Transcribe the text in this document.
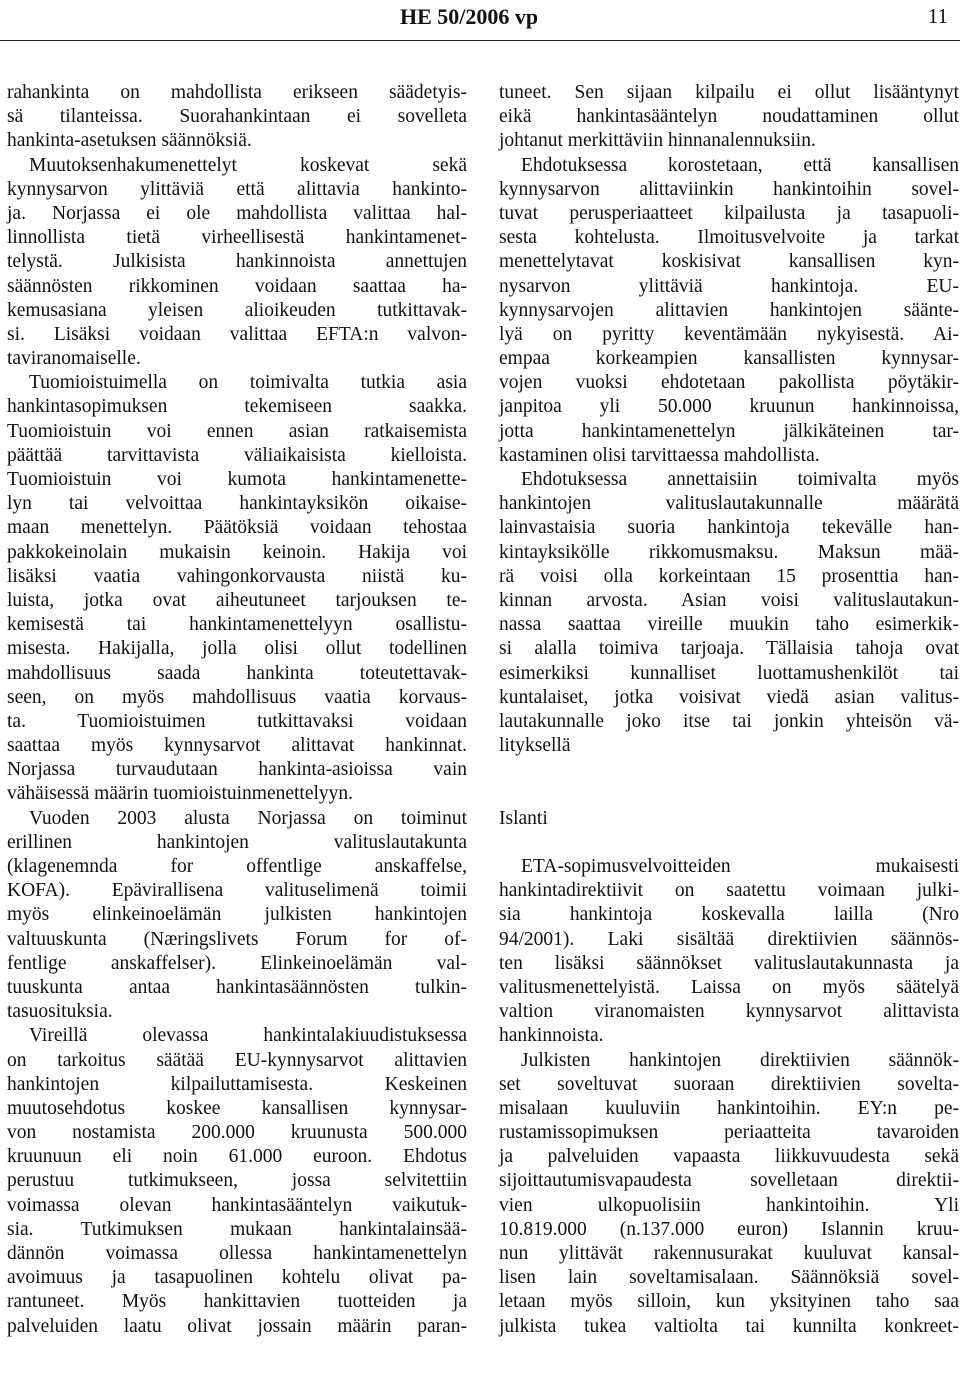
HE 50/2006 vp	11
rahankinta on mahdollista erikseen säädetyis-
sä tilanteissa. Suorahankintaan ei sovelleta
hankinta-asetuksen säännöksiä.
Muutoksenhakumenettelyt koskevat sekä
kynnysarvon ylittäviä että alittavia hankinto-
ja. Norjassa ei ole mahdollista valittaa hal-
linnollista tietä virheellisestä hankintamenet-
telystä. Julkisista hankinnoista annettujen
säännösten rikkominen voidaan saattaa ha-
kemusasiana yleisen alioikeuden tutkittavak-
si. Lisäksi voidaan valittaa EFTA:n valvon-
taviranomaiselle.
Tuomioistuimella on toimivalta tutkia asia
hankintasopimuksen tekemiseen saakka.
Tuomioistuin voi ennen asian ratkaisemista
päättää tarvittavista väliaikaisista kielloista.
Tuomioistuin voi kumota hankintamenette-
lyn tai velvoittaa hankintayksikön oikaise-
maan menettelyn. Päätöksiä voidaan tehostaa
pakkokeinolain mukaisin keinoin. Hakija voi
lisäksi vaatia vahingonkorvausta niistä ku-
luista, jotka ovat aiheutuneet tarjouksen te-
kemisestä tai hankintamenettelyyn osallistu-
misesta. Hakijalla, jolla olisi ollut todellinen
mahdollisuus saada hankinta toteutettavak-
seen, on myös mahdollisuus vaatia korvaus-
ta. Tuomioistuimen tutkittavaksi voidaan
saattaa myös kynnysarvot alittavat hankinnat.
Norjassa turvaudutaan hankinta-asioissa vain
vähäisessä määrin tuomioistuinmenettelyyn.
Vuoden 2003 alusta Norjassa on toiminut
erillinen hankintojen valituslautakunta
(klagenemnda for offentlige anskaffelse,
KOFA). Epävirallisena valituselimenä toimii
myös elinkeinoelämän julkisten hankintojen
valtuuskunta (Næringslivets Forum for of-
fentlige anskaffelser). Elinkeinoelämän val-
tuuskunta antaa hankintasäännösten tulkin-
tasuosituksia.
Vireillä olevassa hankintalakiuudistuksessa
on tarkoitus säätää EU-kynnysarvot alittavien
hankintojen kilpailuttamisesta. Keskeinen
muutosehdotus koskee kansallisen kynnysar-
von nostamista 200.000 kruunusta 500.000
kruunuun eli noin 61.000 euroon. Ehdotus
perustuu tutkimukseen, jossa selvitettiin
voimassa olevan hankintasääntelyn vaikutuk-
sia. Tutkimuksen mukaan hankintalainsää-
dännön voimassa ollessa hankintamenettelyn
avoimuus ja tasapuolinen kohtelu olivat pa-
rantuneet. Myös hankittavien tuotteiden ja
palveluiden laatu olivat jossain määrin paran-
tuneet. Sen sijaan kilpailu ei ollut lisääntynyt
eikä hankintasääntelyn noudattaminen ollut
johtanut merkittäviin hinnanalennuksiin.
Ehdotuksessa korostetaan, että kansallisen
kynnysarvon alittaviinkin hankintoihin sovel-
tuvat perusperiaatteet kilpailusta ja tasapuoli-
sesta kohtelusta. Ilmoitusvelvoite ja tarkat
menettelytavat koskisivat kansallisen kyn-
nysarvon ylittäviä hankintoja. EU-
kynnysarvojen alittavien hankintojen säänte-
lyä on pyritty keventämään nykyisestä. Ai-
empaa korkeampien kansallisten kynnysar-
vojen vuoksi ehdotetaan pakollista pöytäkir-
janpitoa yli 50.000 kruunun hankinnoissa,
jotta hankintamenettelyn jälkikäteinen tar-
kastaminen olisi tarvittaessa mahdollista.
Ehdotuksessa annettaisiin toimivalta myös
hankintojen valituslautakunnalle määrätä
lainvastaisia suoria hankintoja tekevälle han-
kintayksikölle rikkomusmaksu. Maksun mää-
rä voisi olla korkeintaan 15 prosenttia han-
kinnan arvosta. Asian voisi valituslautakun-
nassa saattaa vireille muukin taho esimerkik-
si alalla toimiva tarjoaja. Tällaisia tahoja ovat
esimerkiksi kunnalliset luottamushenkilöt tai
kuntalaiset, jotka voisivat viedä asian valitus-
lautakunnalle joko itse tai jonkin yhteisön vä-
lityksellä
Islanti
ETA-sopimusvelvoitteiden mukaisesti
hankintadirektiivit on saatettu voimaan julki-
sia hankintoja koskevalla lailla (Nro
94/2001). Laki sisältää direktiivien säännös-
ten lisäksi säännökset valituslautakunnasta ja
valitusmenettelyistä. Laissa on myös säätelyä
valtion viranomaisten kynnysarvot alittavista
hankinnoista.
Julkisten hankintojen direktiivien säännök-
set soveltuvat suoraan direktiivien sovelta-
misalaan kuuluviin hankintoihin. EY:n pe-
rustamissopimuksen periaatteita tavaroiden
ja palveluiden vapaasta liikkuvuudesta sekä
sijoittautumisvapaudesta sovelletaan direktii-
vien ulkopuolisiin hankintoihin. Yli
10.819.000 (n.137.000 euron) Islannin kruu-
nun ylittävät rakennusurakat kuuluvat kansal-
lisen lain soveltamisalaan. Säännöksiä sovel-
letaan myös silloin, kun yksityinen taho saa
julkista tukea valtiolta tai kunnilta konkreet-
